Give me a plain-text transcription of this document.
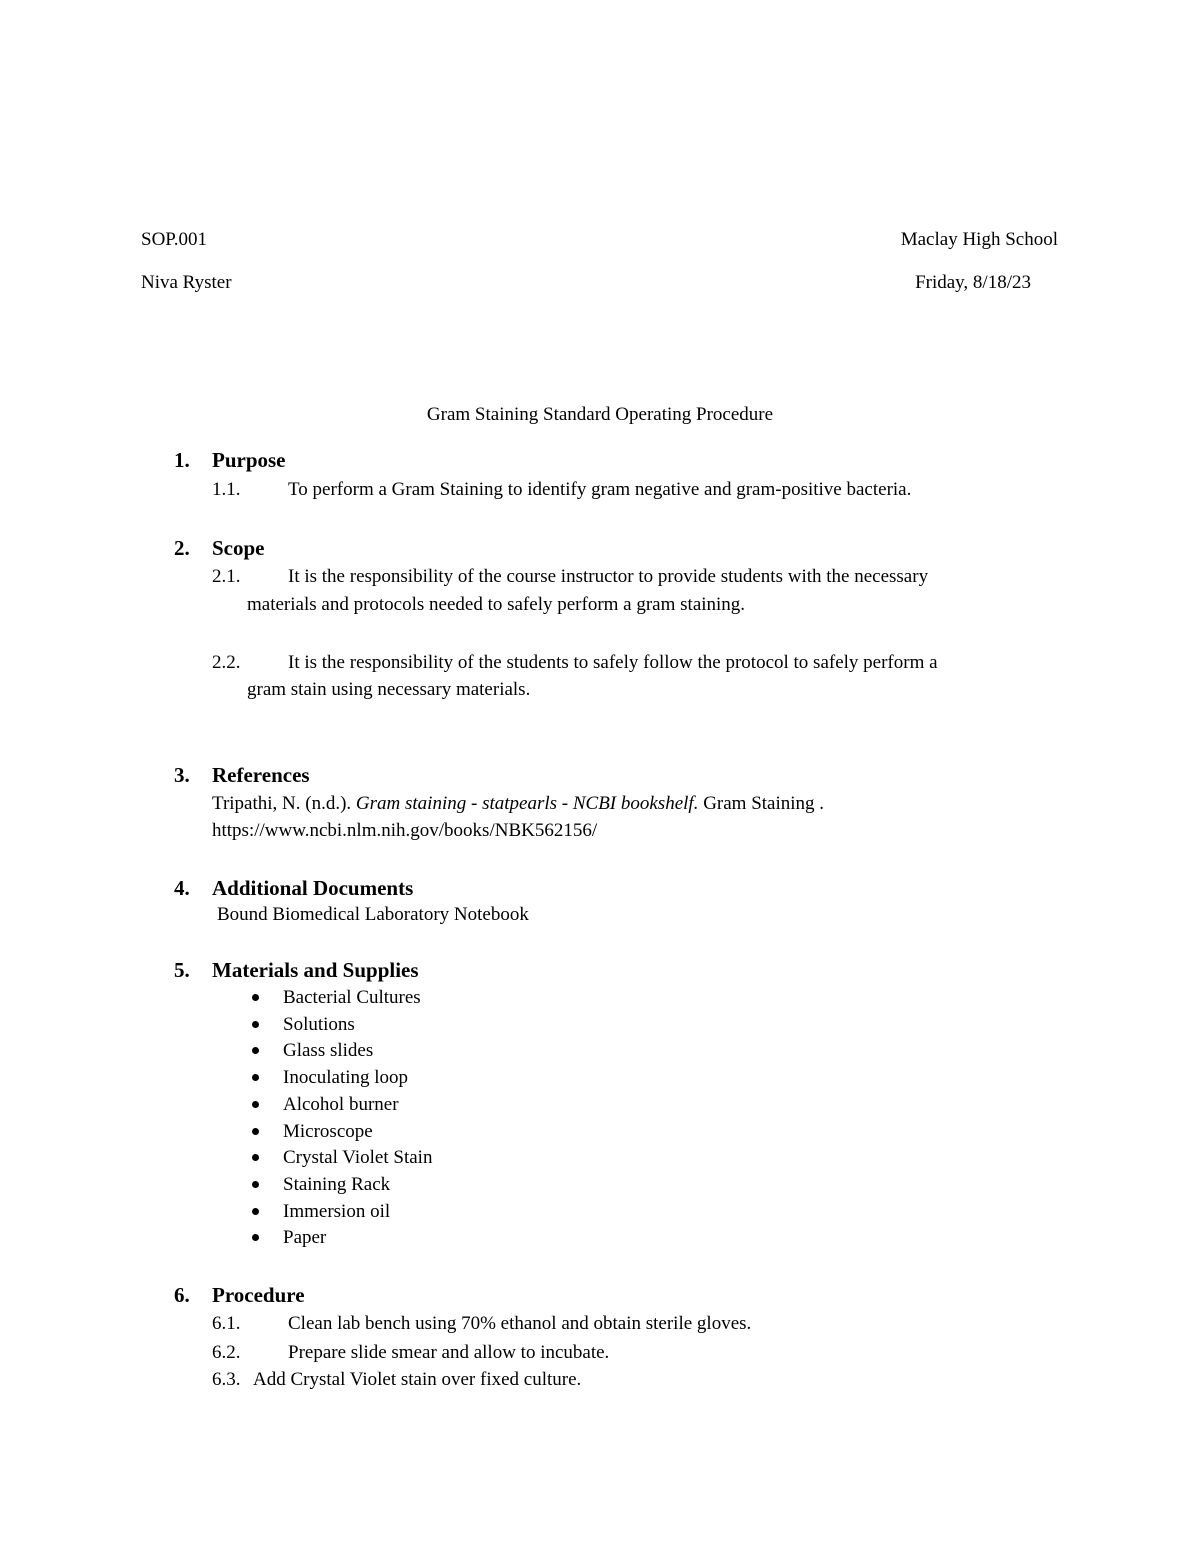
SOP.001	Maclay High School
Niva Ryster	Friday, 8/18/23
Gram Staining Standard Operating Procedure
1. Purpose
1.1.	To perform a Gram Staining to identify gram negative and gram-positive bacteria.
2. Scope
2.1.	It is the responsibility of the course instructor to provide students with the necessary
materials and protocols needed to safely perform a gram staining.
2.2.	It is the responsibility of the students to safely follow the protocol to safely perform a
gram stain using necessary materials.
3. References
Tripathi, N. (n.d.). Gram staining - statpearls - NCBI bookshelf. Gram Staining .
https://www.ncbi.nlm.nih.gov/books/NBK562156/
4. Additional Documents
Bound Biomedical Laboratory Notebook
5. Materials and Supplies
Bacterial Cultures
Solutions
Glass slides
Inoculating loop
Alcohol burner
Microscope
Crystal Violet Stain
Staining Rack
Immersion oil
Paper
6. Procedure
6.1.	Clean lab bench using 70% ethanol and obtain sterile gloves.
6.2.	Prepare slide smear and allow to incubate.
6.3. Add Crystal Violet stain over fixed culture.
